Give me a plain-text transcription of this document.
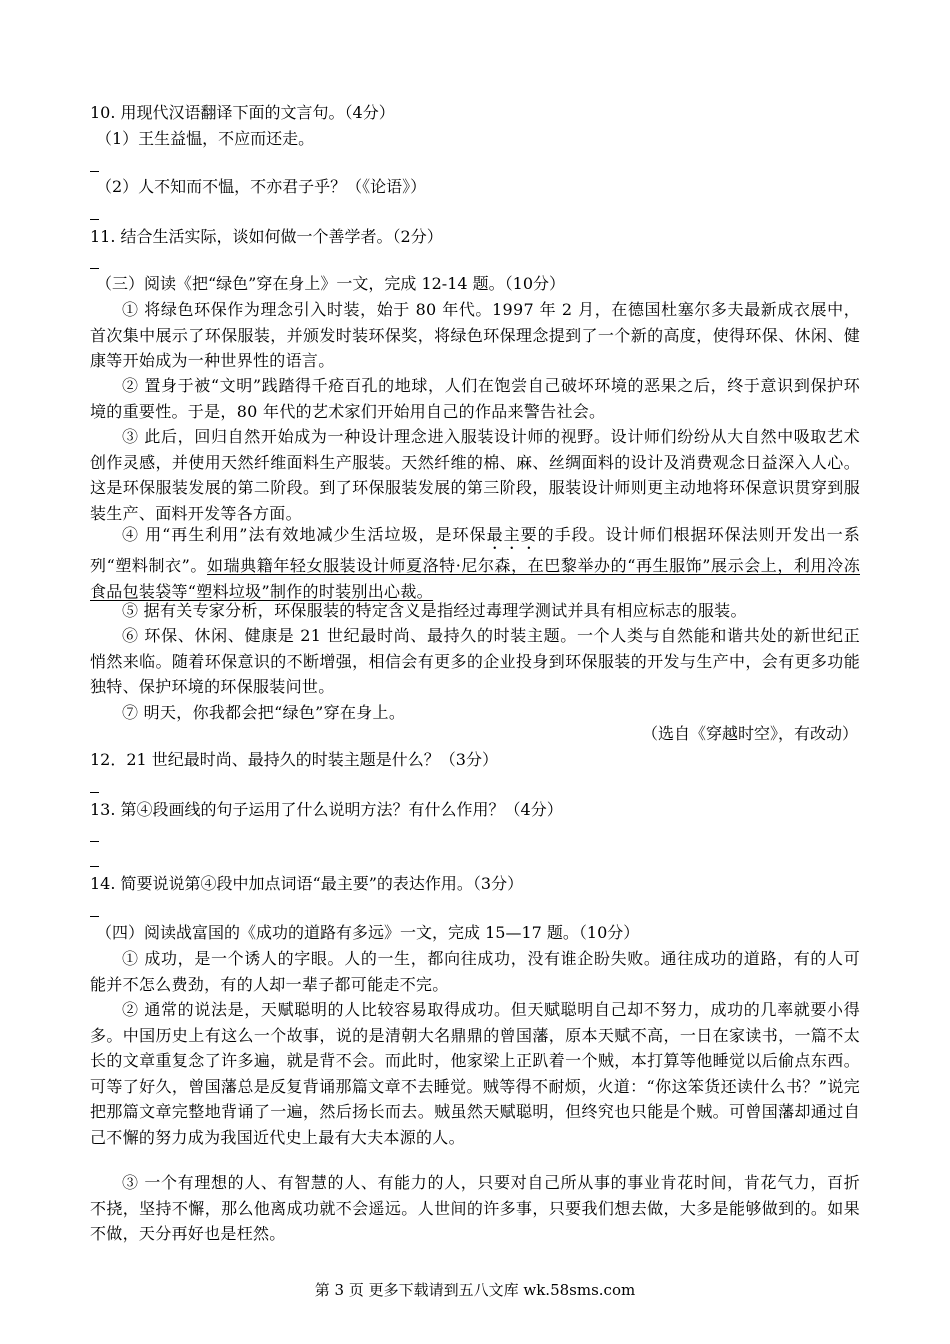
10. 用现代汉语翻译下面的文言句。（4分）
（1）王生益愠，不应而还走。
（2）人不知而不愠，不亦君子乎？（《论语》）
11. 结合生活实际，谈如何做一个善学者。（2分）
（三）阅读《把“绿色”穿在身上》一文，完成 12-14 题。（10分）
① 将绿色环保作为理念引入时装，始于 80 年代。1997 年 2 月，在德国杜塞尔多夫最新成衣展中，首次集中展示了环保服装，并颁发时装环保奖，将绿色环保理念提到了一个新的高度，使得环保、休闲、健康等开始成为一种世界性的语言。
② 置身于被“文明”践踏得千疮百孔的地球，人们在饱尝自己破坏环境的恶果之后，终于意识到保护环境的重要性。于是，80 年代的艺术家们开始用自己的作品来警告社会。
③ 此后，回归自然开始成为一种设计理念进入服装设计师的视野。设计师们纷纷从大自然中吸取艺术创作灵感，并使用天然纤维面料生产服装。天然纤维的棉、麻、丝绸面料的设计及消费观念日益深入人心。这是环保服装发展的第二阶段。到了环保服装发展的第三阶段，服装设计师则更主动地将环保意识贯穿到服装生产、面料开发等各方面。
④ 用“再生利用”法有效地减少生活垃圾，是环保最主要的手段。设计师们根据环保法则开发出一系列“塑料制衣”。如瑞典籍年轻女服装设计师夏洛特·尼尔森，在巴黎举办的“再生服饰”展示会上，利用冷冻食品包装袋等“塑料垃圾”制作的时装别出心裁。
⑤ 据有关专家分析，环保服装的特定含义是指经过毒理学测试并具有相应标志的服装。
⑥ 环保、休闲、健康是 21 世纪最时尚、最持久的时装主题。一个人类与自然能和谐共处的新世纪正悄然来临。随着环保意识的不断增强，相信会有更多的企业投身到环保服装的开发与生产中，会有更多功能独特、保护环境的环保服装问世。
⑦ 明天，你我都会把“绿色”穿在身上。
（选自《穿越时空》，有改动）
12．21 世纪最时尚、最持久的时装主题是什么？（3分）
13. 第④段画线的句子运用了什么说明方法？有什么作用？（4分）
14. 简要说说第④段中加点词语“最主要”的表达作用。（3分）
（四）阅读战富国的《成功的道路有多远》一文，完成 15—17 题。（10分）
① 成功，是一个诱人的字眼。人的一生，都向往成功，没有谁企盼失败。通往成功的道路，有的人可能并不怎么费劲，有的人却一辈子都可能走不完。
② 通常的说法是，天赋聪明的人比较容易取得成功。但天赋聪明自己却不努力，成功的几率就要小得多。中国历史上有这么一个故事，说的是清朝大名鼎鼎的曾国藩，原本天赋不高，一日在家读书，一篇不太长的文章重复念了许多遍，就是背不会。而此时，他家梁上正趴着一个贼，本打算等他睡觉以后偷点东西。可等了好久，曾国藩总是反复背诵那篇文章不去睡觉。贼等得不耐烦，火道：“你这笨货还读什么书？”说完把那篇文章完整地背诵了一遍，然后扬长而去。贼虽然天赋聪明，但终究也只能是个贼。可曾国藩却通过自己不懈的努力成为我国近代史上最有大夫本源的人。
③ 一个有理想的人、有智慧的人、有能力的人，只要对自己所从事的事业肯花时间，肯花气力，百折不挠，坚持不懈，那么他离成功就不会遥远。人世间的许多事，只要我们想去做，大多是能够做到的。如果不做，天分再好也是枉然。
第 3 页 更多下载请到五八文库 wk.58sms.com
